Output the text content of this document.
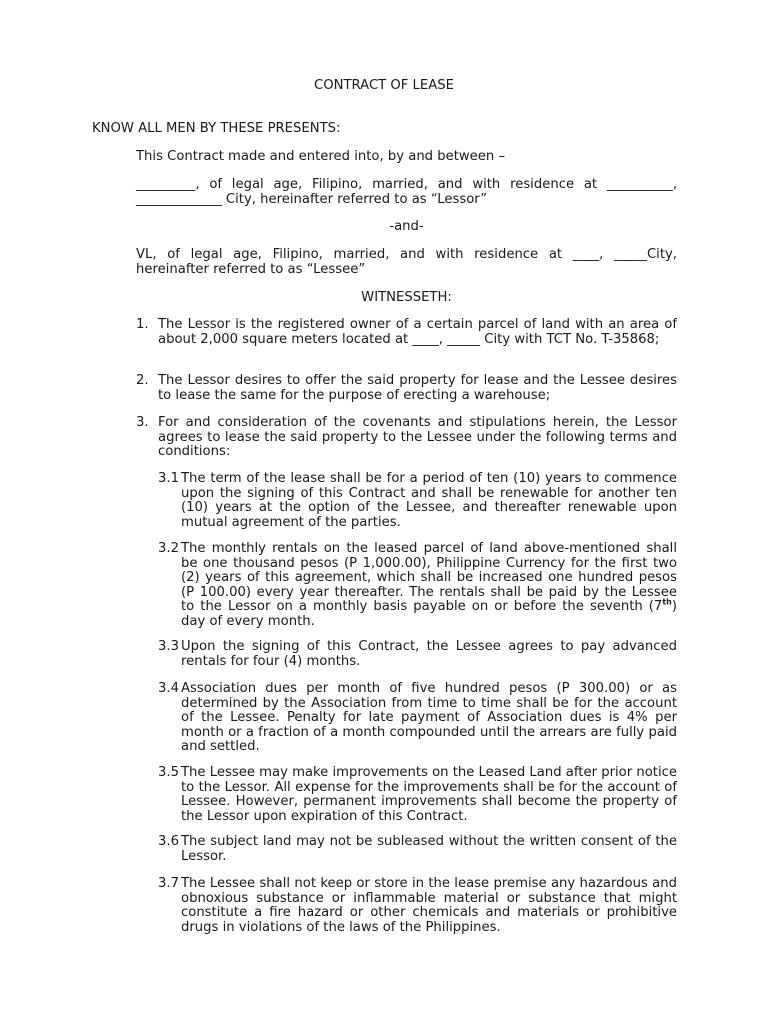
CONTRACT OF LEASE
KNOW ALL MEN BY THESE PRESENTS:
This Contract made and entered into, by and between –
_________, of legal age, Filipino, married, and with residence at __________, _____________ City, hereinafter referred to as “Lessor”
-and-
VL, of legal age, Filipino, married, and with residence at ____, _____City, hereinafter referred to as “Lessee”
WITNESSETH:
1. The Lessor is the registered owner of a certain parcel of land with an area of about 2,000 square meters located at ____, _____ City with TCT No. T-35868;
2. The Lessor desires to offer the said property for lease and the Lessee desires to lease the same for the purpose of erecting a warehouse;
3. For and consideration of the covenants and stipulations herein, the Lessor agrees to lease the said property to the Lessee under the following terms and conditions:
3.1 The term of the lease shall be for a period of ten (10) years to commence upon the signing of this Contract and shall be renewable for another ten (10) years at the option of the Lessee, and thereafter renewable upon mutual agreement of the parties.
3.2 The monthly rentals on the leased parcel of land above-mentioned shall be one thousand pesos (P 1,000.00), Philippine Currency for the first two (2) years of this agreement, which shall be increased one hundred pesos (P 100.00) every year thereafter. The rentals shall be paid by the Lessee to the Lessor on a monthly basis payable on or before the seventh (7th) day of every month.
3.3 Upon the signing of this Contract, the Lessee agrees to pay advanced rentals for four (4) months.
3.4 Association dues per month of five hundred pesos (P 300.00) or as determined by the Association from time to time shall be for the account of the Lessee. Penalty for late payment of Association dues is 4% per month or a fraction of a month compounded until the arrears are fully paid and settled.
3.5 The Lessee may make improvements on the Leased Land after prior notice to the Lessor. All expense for the improvements shall be for the account of Lessee. However, permanent improvements shall become the property of the Lessor upon expiration of this Contract.
3.6 The subject land may not be subleased without the written consent of the Lessor.
3.7 The Lessee shall not keep or store in the lease premise any hazardous and obnoxious substance or inflammable material or substance that might constitute a fire hazard or other chemicals and materials or prohibitive drugs in violations of the laws of the Philippines.
